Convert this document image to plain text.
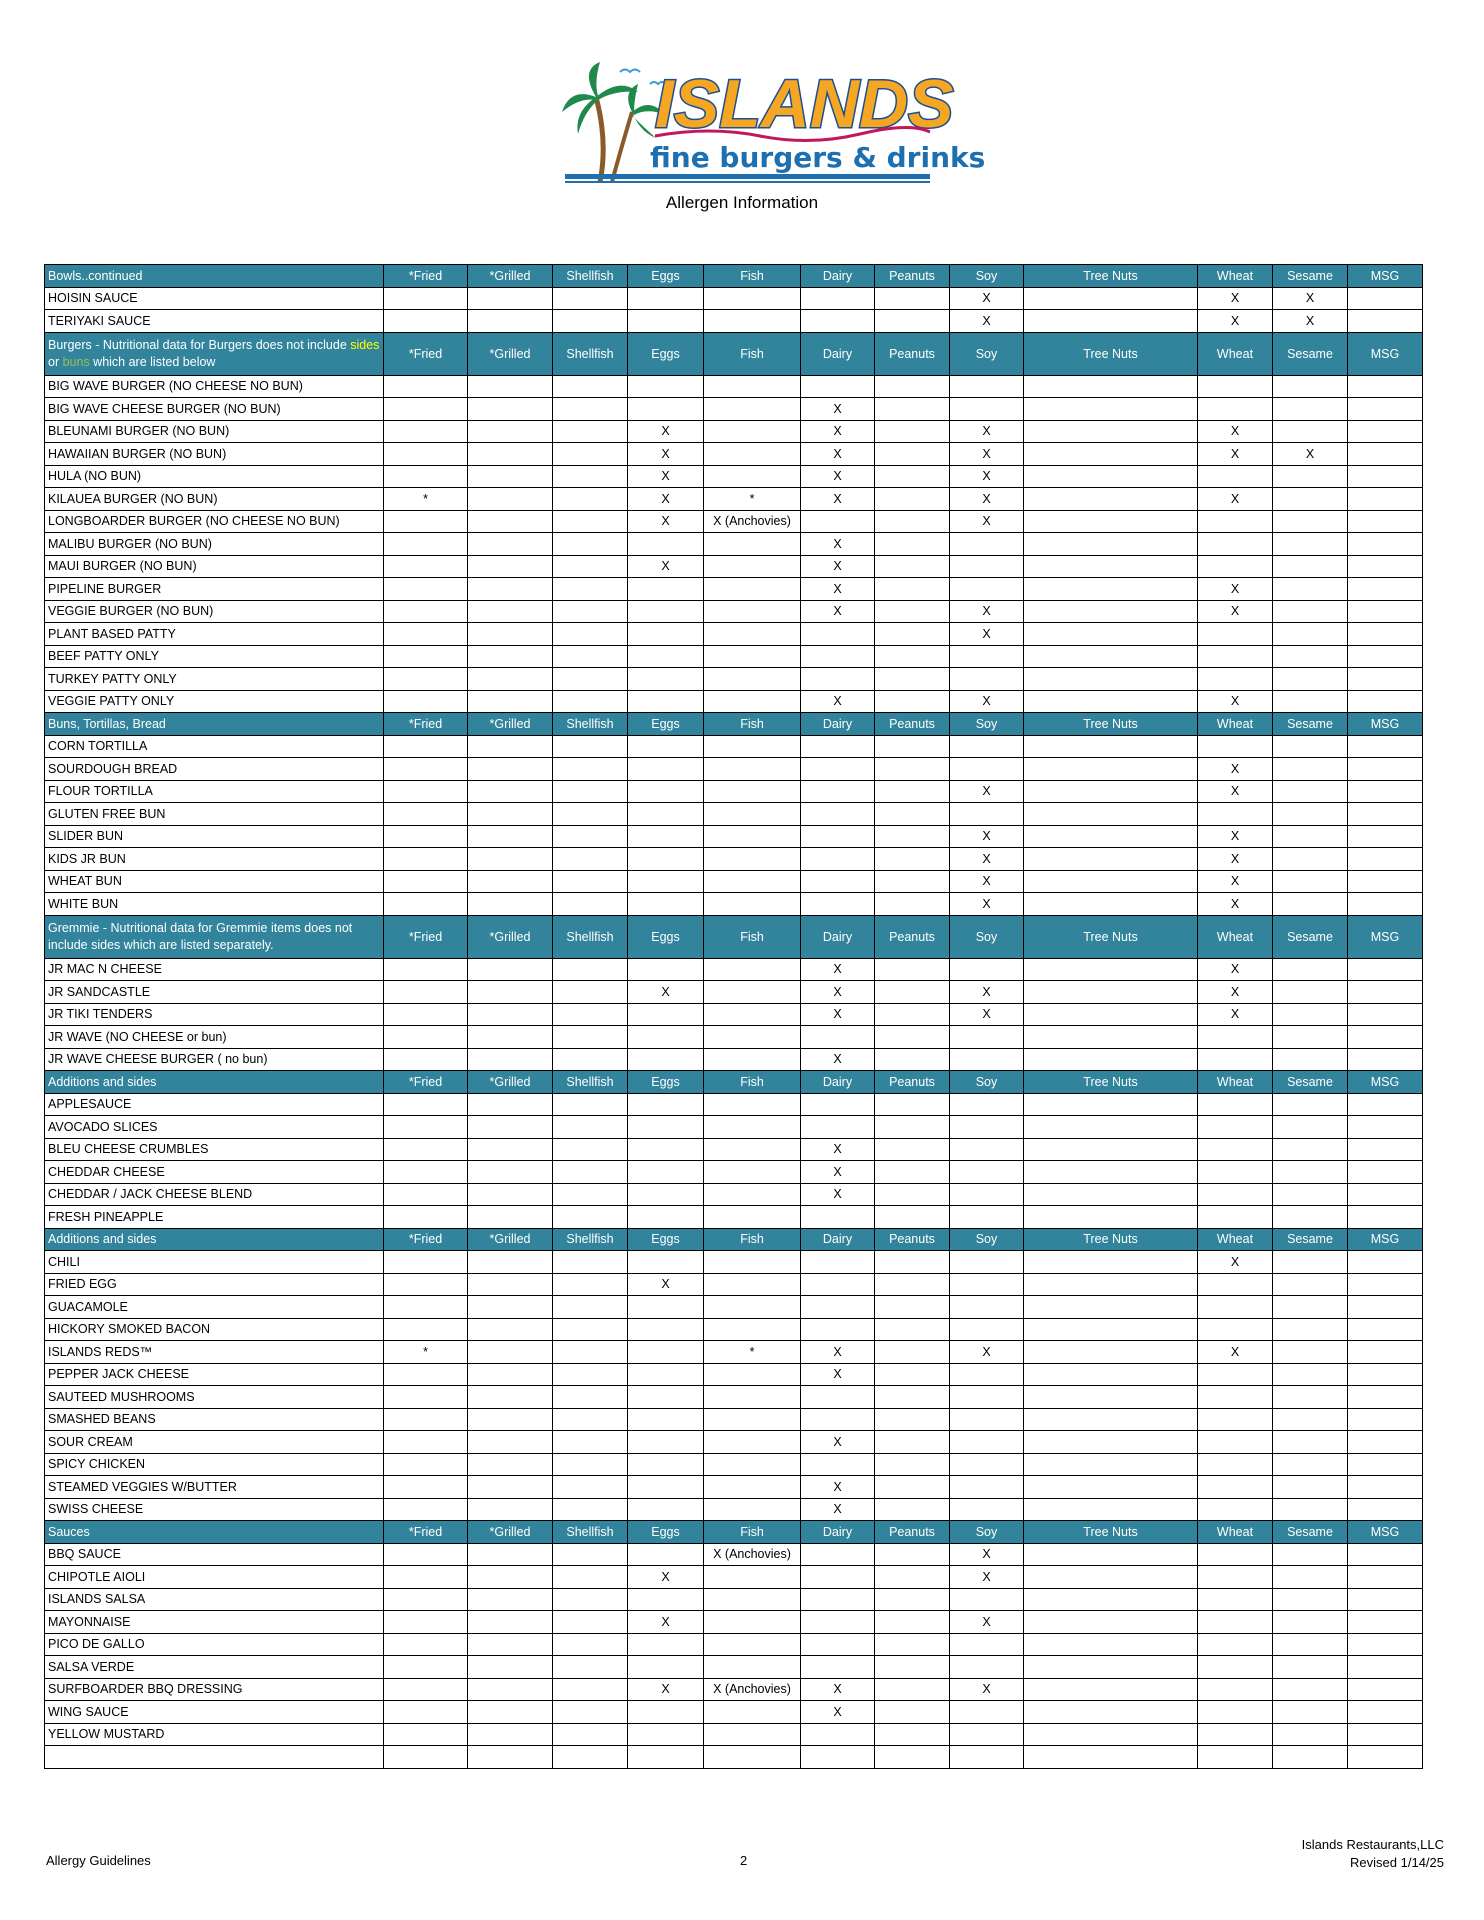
ISLANDS
fine burgers & drinks
Allergen Information
Bowls..continued	*Fried	*Grilled	Shellfish	Eggs	Fish	Dairy	Peanuts	Soy	Tree Nuts	Wheat	Sesame	MSG
HOISIN SAUCE								X		X	X	
TERIYAKI SAUCE								X		X	X	
Burgers - Nutritional data for Burgers does not include sides or buns which are listed below	*Fried	*Grilled	Shellfish	Eggs	Fish	Dairy	Peanuts	Soy	Tree Nuts	Wheat	Sesame	MSG
BIG WAVE BURGER (NO CHEESE NO BUN)												
BIG WAVE CHEESE BURGER (NO BUN)						X						
BLEUNAMI BURGER (NO BUN)				X		X		X		X		
HAWAIIAN BURGER (NO BUN)				X		X		X		X	X	
HULA (NO BUN)				X		X		X				
KILAUEA BURGER (NO BUN)	*			X	*	X		X		X		
LONGBOARDER BURGER (NO CHEESE NO BUN)				X	X (Anchovies)			X				
MALIBU BURGER (NO BUN)						X						
MAUI BURGER (NO BUN)				X		X						
PIPELINE BURGER						X				X		
VEGGIE BURGER (NO BUN)						X		X		X		
PLANT BASED PATTY								X				
BEEF PATTY ONLY												
TURKEY PATTY ONLY												
VEGGIE PATTY ONLY						X		X		X		
Buns, Tortillas, Bread	*Fried	*Grilled	Shellfish	Eggs	Fish	Dairy	Peanuts	Soy	Tree Nuts	Wheat	Sesame	MSG
CORN TORTILLA												
SOURDOUGH BREAD										X		
FLOUR TORTILLA								X		X		
GLUTEN FREE BUN												
SLIDER BUN								X		X		
KIDS JR BUN								X		X		
WHEAT BUN								X		X		
WHITE BUN								X		X		
Gremmie - Nutritional data for Gremmie items does not include sides which are listed separately.	*Fried	*Grilled	Shellfish	Eggs	Fish	Dairy	Peanuts	Soy	Tree Nuts	Wheat	Sesame	MSG
JR MAC N CHEESE						X				X		
JR SANDCASTLE				X		X		X		X		
JR TIKI TENDERS						X		X		X		
JR WAVE (NO CHEESE or bun)												
JR WAVE CHEESE BURGER ( no bun)						X						
Additions and sides	*Fried	*Grilled	Shellfish	Eggs	Fish	Dairy	Peanuts	Soy	Tree Nuts	Wheat	Sesame	MSG
APPLESAUCE												
AVOCADO SLICES												
BLEU CHEESE CRUMBLES						X						
CHEDDAR CHEESE						X						
CHEDDAR / JACK CHEESE BLEND						X						
FRESH PINEAPPLE												
Additions and sides	*Fried	*Grilled	Shellfish	Eggs	Fish	Dairy	Peanuts	Soy	Tree Nuts	Wheat	Sesame	MSG
CHILI										X		
FRIED EGG				X								
GUACAMOLE												
HICKORY SMOKED BACON												
ISLANDS REDS™	*				*	X		X		X		
PEPPER JACK CHEESE						X						
SAUTEED MUSHROOMS												
SMASHED BEANS												
SOUR CREAM						X						
SPICY CHICKEN												
STEAMED VEGGIES W/BUTTER						X						
SWISS CHEESE						X						
Sauces	*Fried	*Grilled	Shellfish	Eggs	Fish	Dairy	Peanuts	Soy	Tree Nuts	Wheat	Sesame	MSG
BBQ SAUCE					X (Anchovies)			X				
CHIPOTLE AIOLI				X				X				
ISLANDS SALSA												
MAYONNAISE				X				X				
PICO DE GALLO												
SALSA VERDE												
SURFBOARDER BBQ DRESSING				X	X (Anchovies)	X		X				
WING SAUCE						X						
YELLOW MUSTARD												

Allergy Guidelines	2
Islands Restaurants,LLC
Revised 1/14/25
